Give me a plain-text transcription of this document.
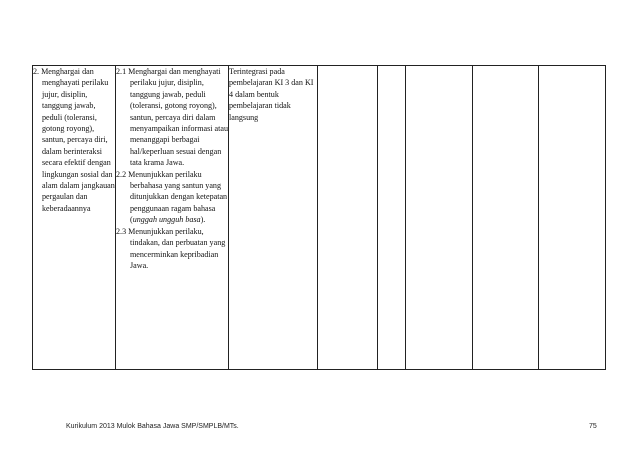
2. Menghargai dan menghayati perilaku jujur, disiplin, tanggung jawab, peduli (toleransi, gotong royong), santun, percaya diri, dalam berinteraksi secara efektif dengan lingkungan sosial dan alam dalam jangkauan pergaulan dan keberadaannya

2.1 Menghargai dan menghayati perilaku jujur, disiplin, tanggung jawab, peduli (toleransi, gotong royong), santun, percaya diri dalam menyampaikan informasi atau menanggapi berbagai hal/keperluan sesuai dengan tata krama Jawa.
2.2 Menunjukkan perilaku berbahasa yang santun yang ditunjukkan dengan ketepatan penggunaan ragam bahasa (unggah ungguh basa).
2.3 Menunjukkan perilaku, tindakan, dan perbuatan yang mencerminkan kepribadian Jawa.

Terintegrasi pada pembelajaran KI 3 dan KI 4 dalam bentuk pembelajaran tidak langsung

Kurikulum 2013 Mulok Bahasa Jawa SMP/SMPLB/MTs.	75
